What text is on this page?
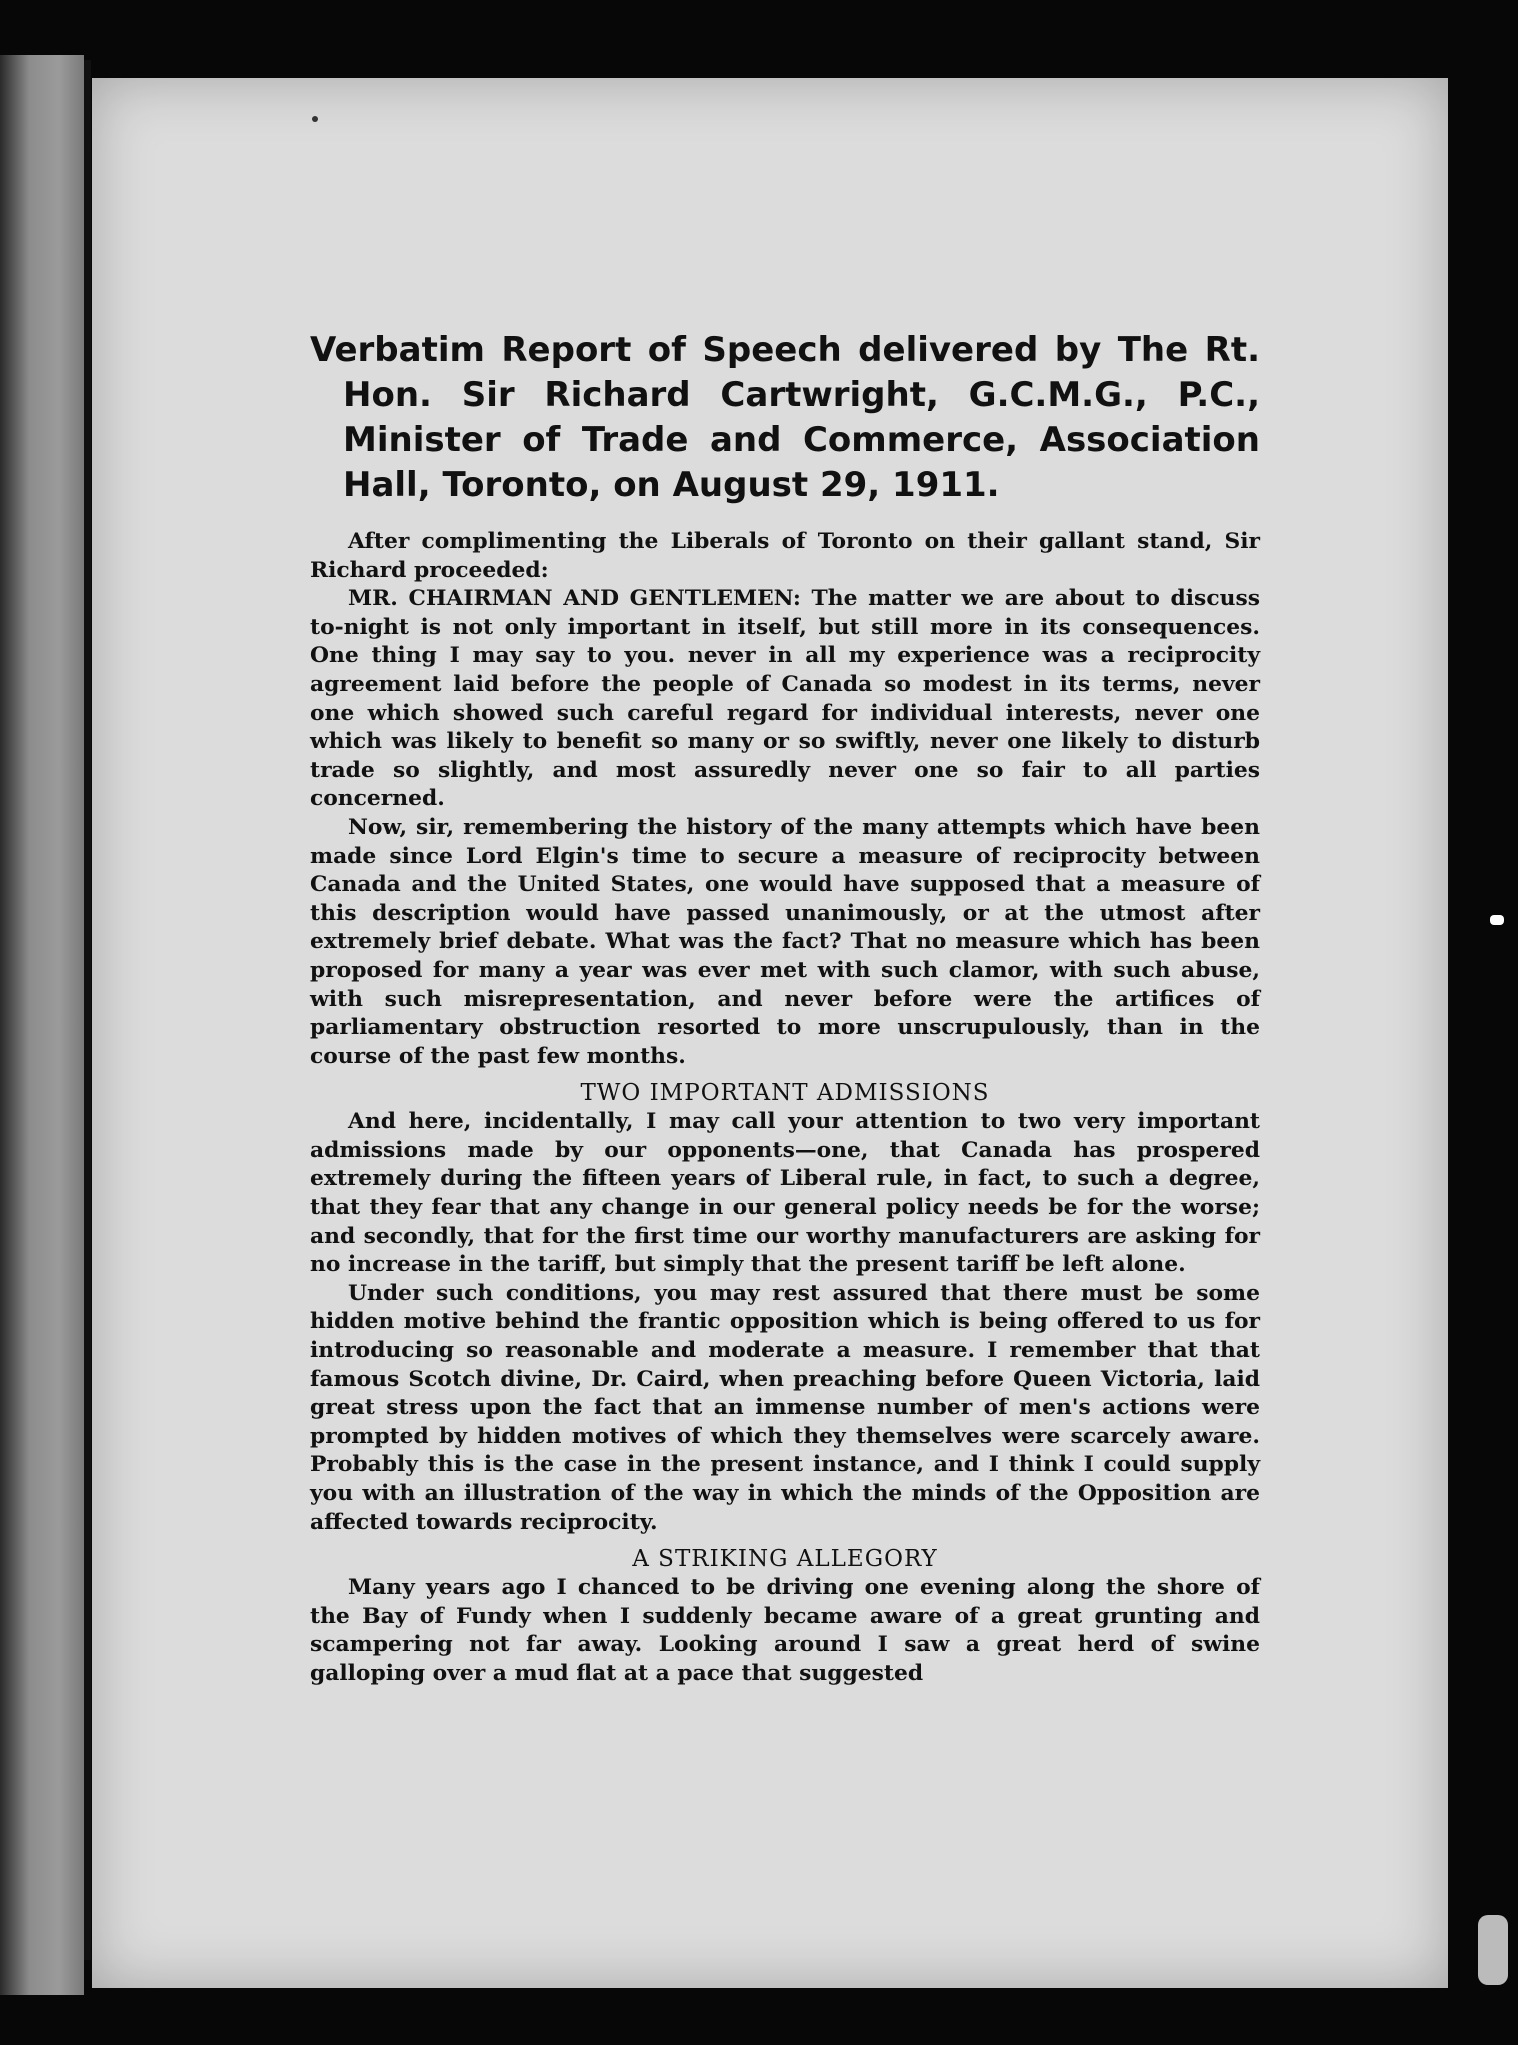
Verbatim Report of Speech delivered by The Rt. Hon. Sir Richard Cartwright, G.C.M.G., P.C., Minister of Trade and Commerce, Association Hall, Toronto, on August 29, 1911.

After complimenting the Liberals of Toronto on their gallant stand, Sir Richard proceeded:

MR. CHAIRMAN AND GENTLEMEN: The matter we are about to discuss to-night is not only important in itself, but still more in its consequences. One thing I may say to you. never in all my experience was a reciprocity agreement laid before the people of Canada so modest in its terms, never one which showed such careful regard for individual interests, never one which was likely to benefit so many or so swiftly, never one likely to disturb trade so slightly, and most assuredly never one so fair to all parties concerned.

Now, sir, remembering the history of the many attempts which have been made since Lord Elgin's time to secure a measure of reciprocity between Canada and the United States, one would have supposed that a measure of this description would have passed unanimously, or at the utmost after extremely brief debate. What was the fact? That no measure which has been proposed for many a year was ever met with such clamor, with such abuse, with such misrepresentation, and never before were the artifices of parliamentary obstruction resorted to more unscrupulously, than in the course of the past few months.

TWO IMPORTANT ADMISSIONS

And here, incidentally, I may call your attention to two very important admissions made by our opponents—one, that Canada has prospered extremely during the fifteen years of Liberal rule, in fact, to such a degree, that they fear that any change in our general policy needs be for the worse; and secondly, that for the first time our worthy manufacturers are asking for no increase in the tariff, but simply that the present tariff be left alone.

Under such conditions, you may rest assured that there must be some hidden motive behind the frantic opposition which is being offered to us for introducing so reasonable and moderate a measure. I remember that that famous Scotch divine, Dr. Caird, when preaching before Queen Victoria, laid great stress upon the fact that an immense number of men's actions were prompted by hidden motives of which they themselves were scarcely aware. Probably this is the case in the present instance, and I think I could supply you with an illustration of the way in which the minds of the Opposition are affected towards reciprocity.

A STRIKING ALLEGORY

Many years ago I chanced to be driving one evening along the shore of the Bay of Fundy when I suddenly became aware of a great grunting and scampering not far away. Looking around I saw a great herd of swine galloping over a mud flat at a pace that suggested
